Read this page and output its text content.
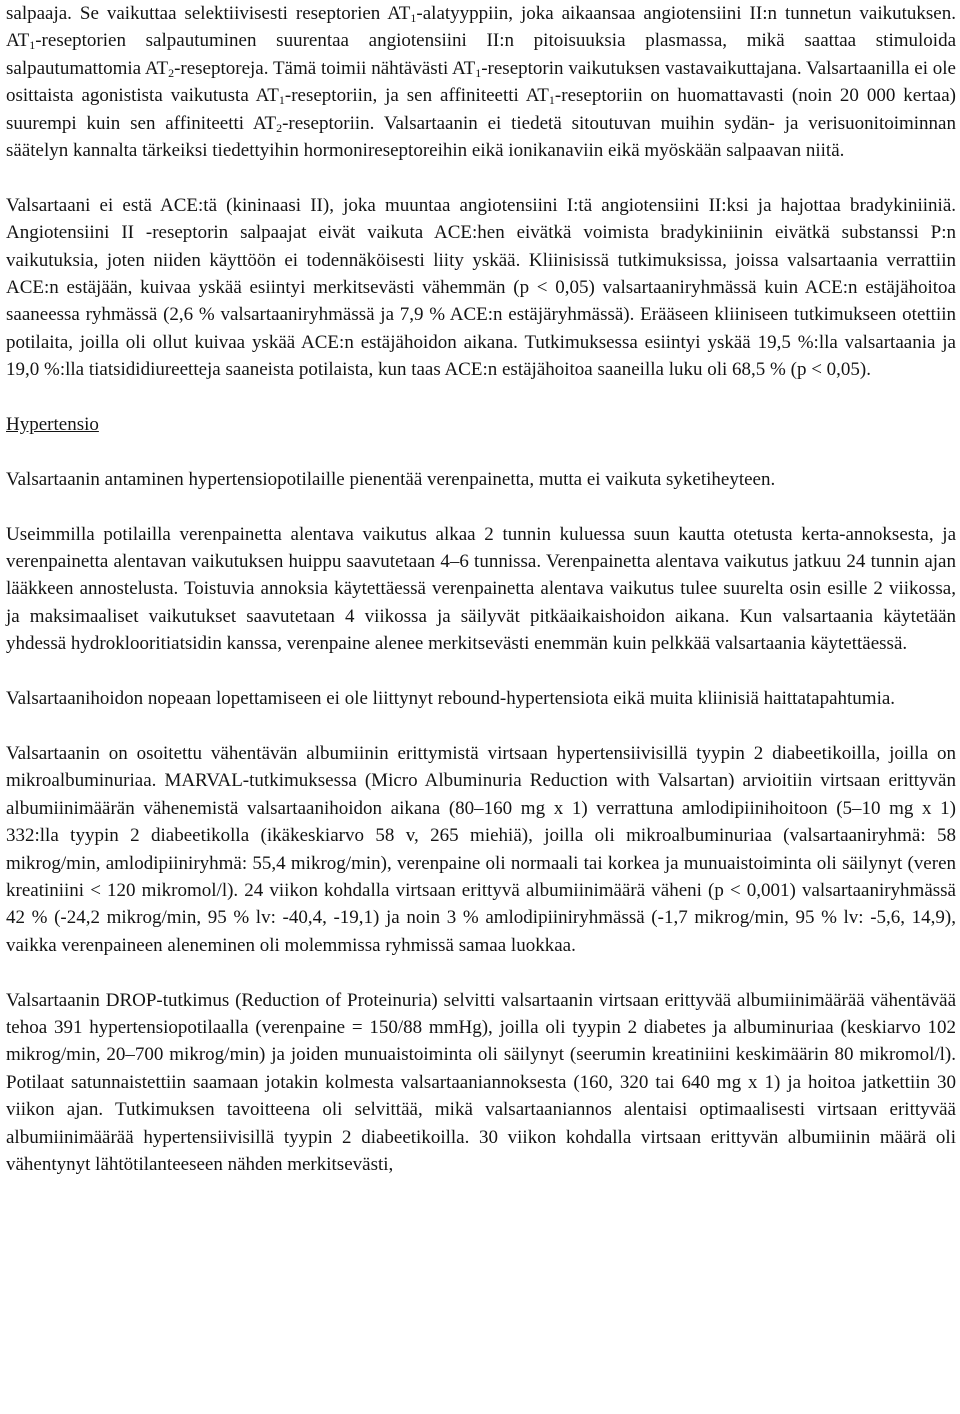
salpaaja. Se vaikuttaa selektiivisesti reseptorien $AT_1$-alatyyppiin, joka aikaansaa angiotensiini II:n tunnetun vaikutuksen. $AT_1$-reseptorien salpautuminen suurentaa angiotensiini II:n pitoisuuksia plasmassa, mikä saattaa stimuloida salpautumattomia $AT_2$-reseptoreja. Tämä toimii nähtävästi $AT_1$-reseptorin vaikutuksen vastavaikuttajana. Valsartaanilla ei ole osittaista agonistista vaikutusta $AT_1$-reseptoriin, ja sen affiniteetti $AT_1$-reseptoriin on huomattavasti (noin 20 000 kertaa) suurempi kuin sen affiniteetti $AT_2$-reseptoriin. Valsartaanin ei tiedetä sitoutuvan muihin sydän- ja verisuonitoiminnan säätelyn kannalta tärkeiksi tiedettyihin hormonireseptoreihin eikä ionikanaviin eikä myöskään salpaavan niitä.

Valsartaani ei estä ACE:tä (kininaasi II), joka muuntaa angiotensiini I:tä angiotensiini II:ksi ja hajottaa bradykiniiniä. Angiotensiini II -reseptorin salpaajat eivät vaikuta ACE:hen eivätkä voimista bradykiniinin eivätkä substanssi P:n vaikutuksia, joten niiden käyttöön ei todennäköisesti liity yskää. Kliinisissä tutkimuksissa, joissa valsartaania verrattiin ACE:n estäjään, kuivaa yskää esiintyi merkitsevästi vähemmän (p < 0,05) valsartaaniryhmässä kuin ACE:n estäjähoitoa saaneessa ryhmässä (2,6 % valsartaaniryhmässä ja 7,9 % ACE:n estäjäryhmässä). Erääseen kliiniseen tutkimukseen otettiin potilaita, joilla oli ollut kuivaa yskää ACE:n estäjähoidon aikana. Tutkimuksessa esiintyi yskää 19,5 %:lla valsartaania ja 19,0 %:lla tiatsididiureetteja saaneista potilaista, kun taas ACE:n estäjähoitoa saaneilla luku oli 68,5 % (p < 0,05).

Hypertensio

Valsartaanin antaminen hypertensiopotilaille pienentää verenpainetta, mutta ei vaikuta syketiheyteen.

Useimmilla potilailla verenpainetta alentava vaikutus alkaa 2 tunnin kuluessa suun kautta otetusta kerta-annoksesta, ja verenpainetta alentavan vaikutuksen huippu saavutetaan 4–6 tunnissa. Verenpainetta alentava vaikutus jatkuu 24 tunnin ajan lääkkeen annostelusta. Toistuvia annoksia käytettäessä verenpainetta alentava vaikutus tulee suurelta osin esille 2 viikossa, ja maksimaaliset vaikutukset saavutetaan 4 viikossa ja säilyvät pitkäaikaishoidon aikana. Kun valsartaania käytetään yhdessä hydroklooritiatsidin kanssa, verenpaine alenee merkitsevästi enemmän kuin pelkkää valsartaania käytettäessä.

Valsartaanihoidon nopeaan lopettamiseen ei ole liittynyt rebound-hypertensiota eikä muita kliinisiä haittatapahtumia.

Valsartaanin on osoitettu vähentävän albumiinin erittymistä virtsaan hypertensiivisillä tyypin 2 diabeetikoilla, joilla on mikroalbuminuriaa. MARVAL-tutkimuksessa (Micro Albuminuria Reduction with Valsartan) arvioitiin virtsaan erittyvän albumiinimäärän vähenemistä valsartaanihoidon aikana (80–160 mg x 1) verrattuna amlodipiinihoitoon (5–10 mg x 1) 332:lla tyypin 2 diabeetikolla (ikäkeskiarvo 58 v, 265 miehiä), joilla oli mikroalbuminuriaa (valsartaaniryhmä: 58 mikrog/min, amlodipiiniryhmä: 55,4 mikrog/min), verenpaine oli normaali tai korkea ja munuaistoiminta oli säilynyt (veren kreatiniini < 120 mikromol/l). 24 viikon kohdalla virtsaan erittyvä albumiinimäärä väheni (p < 0,001) valsartaaniryhmässä 42 % (-24,2 mikrog/min, 95 % lv: -40,4, -19,1) ja noin 3 % amlodipiiniryhmässä (-1,7 mikrog/min, 95 % lv: -5,6, 14,9), vaikka verenpaineen aleneminen oli molemmissa ryhmissä samaa luokkaa.

Valsartaanin DROP-tutkimus (Reduction of Proteinuria) selvitti valsartaanin virtsaan erittyvää albumiinimäärää vähentävää tehoa 391 hypertensiopotilaalla (verenpaine = 150/88 mmHg), joilla oli tyypin 2 diabetes ja albuminuriaa (keskiarvo 102 mikrog/min, 20–700 mikrog/min) ja joiden munuaistoiminta oli säilynyt (seerumin kreatiniini keskimäärin 80 mikromol/l). Potilaat satunnaistettiin saamaan jotakin kolmesta valsartaaniannoksesta (160, 320 tai 640 mg x 1) ja hoitoa jatkettiin 30 viikon ajan. Tutkimuksen tavoitteena oli selvittää, mikä valsartaaniannos alentaisi optimaalisesti virtsaan erittyvää albumiinimäärää hypertensiivisillä tyypin 2 diabeetikoilla. 30 viikon kohdalla virtsaan erittyvän albumiinin määrä oli vähentynyt lähtötilanteeseen nähden merkitsevästi,
